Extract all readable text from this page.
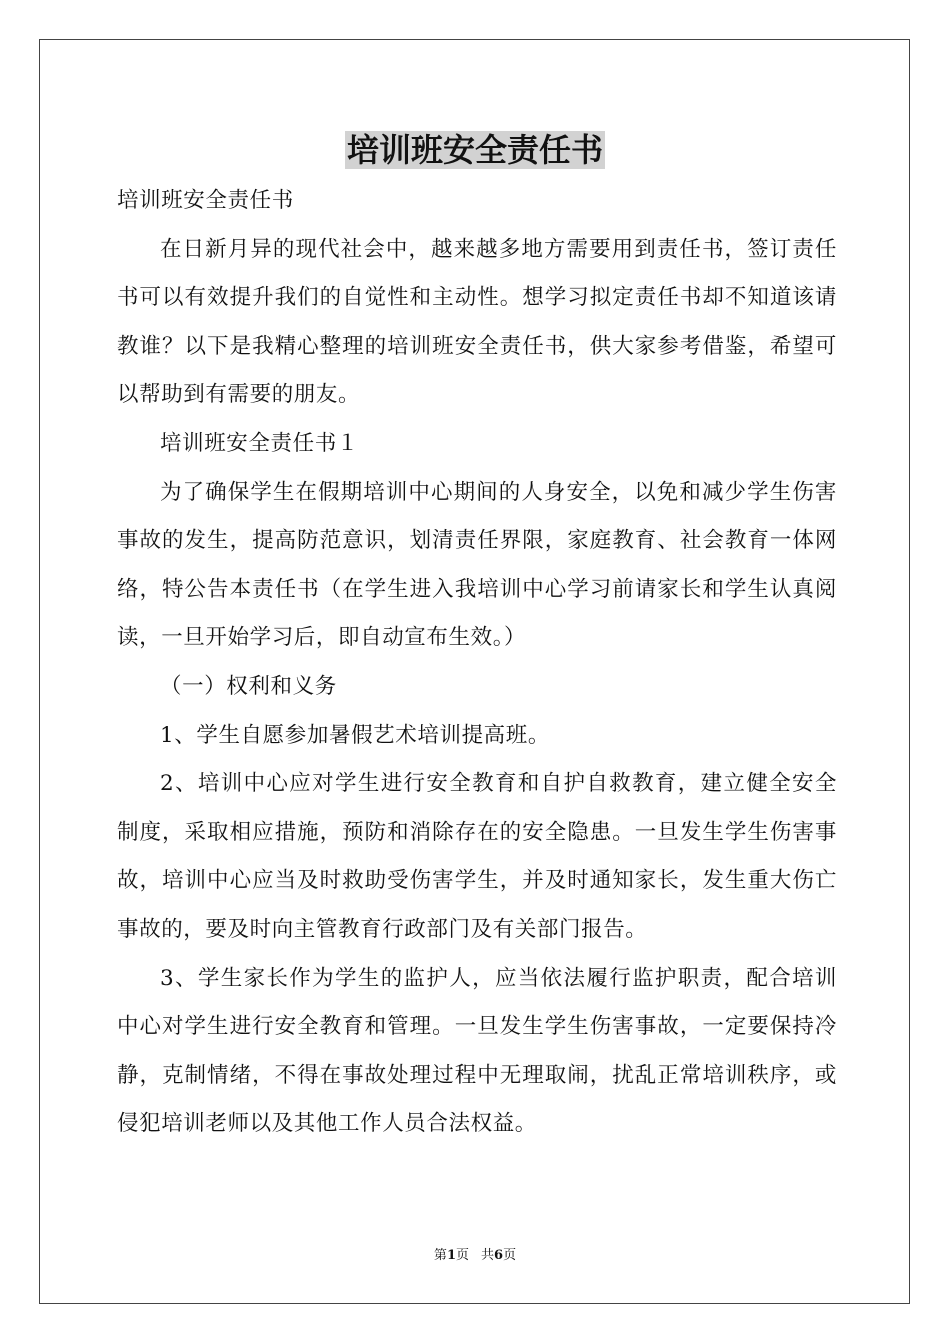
培训班安全责任书

培训班安全责任书

在日新月异的现代社会中，越来越多地方需要用到责任书，签订责任书可以有效提升我们的自觉性和主动性。想学习拟定责任书却不知道该请教谁？以下是我精心整理的培训班安全责任书，供大家参考借鉴，希望可以帮助到有需要的朋友。

培训班安全责任书１

为了确保学生在假期培训中心期间的人身安全，以免和减少学生伤害事故的发生，提高防范意识，划清责任界限，家庭教育、社会教育一体网络，特公告本责任书（在学生进入我培训中心学习前请家长和学生认真阅读，一旦开始学习后，即自动宣布生效。）

（一）权利和义务

1、学生自愿参加暑假艺术培训提高班。

2、培训中心应对学生进行安全教育和自护自救教育，建立健全安全制度，采取相应措施，预防和消除存在的安全隐患。一旦发生学生伤害事故，培训中心应当及时救助受伤害学生，并及时通知家长，发生重大伤亡事故的，要及时向主管教育行政部门及有关部门报告。

3、学生家长作为学生的监护人，应当依法履行监护职责，配合培训中心对学生进行安全教育和管理。一旦发生学生伤害事故，一定要保持冷静，克制情绪，不得在事故处理过程中无理取闹，扰乱正常培训秩序，或侵犯培训老师以及其他工作人员合法权益。

第1页 共6页
